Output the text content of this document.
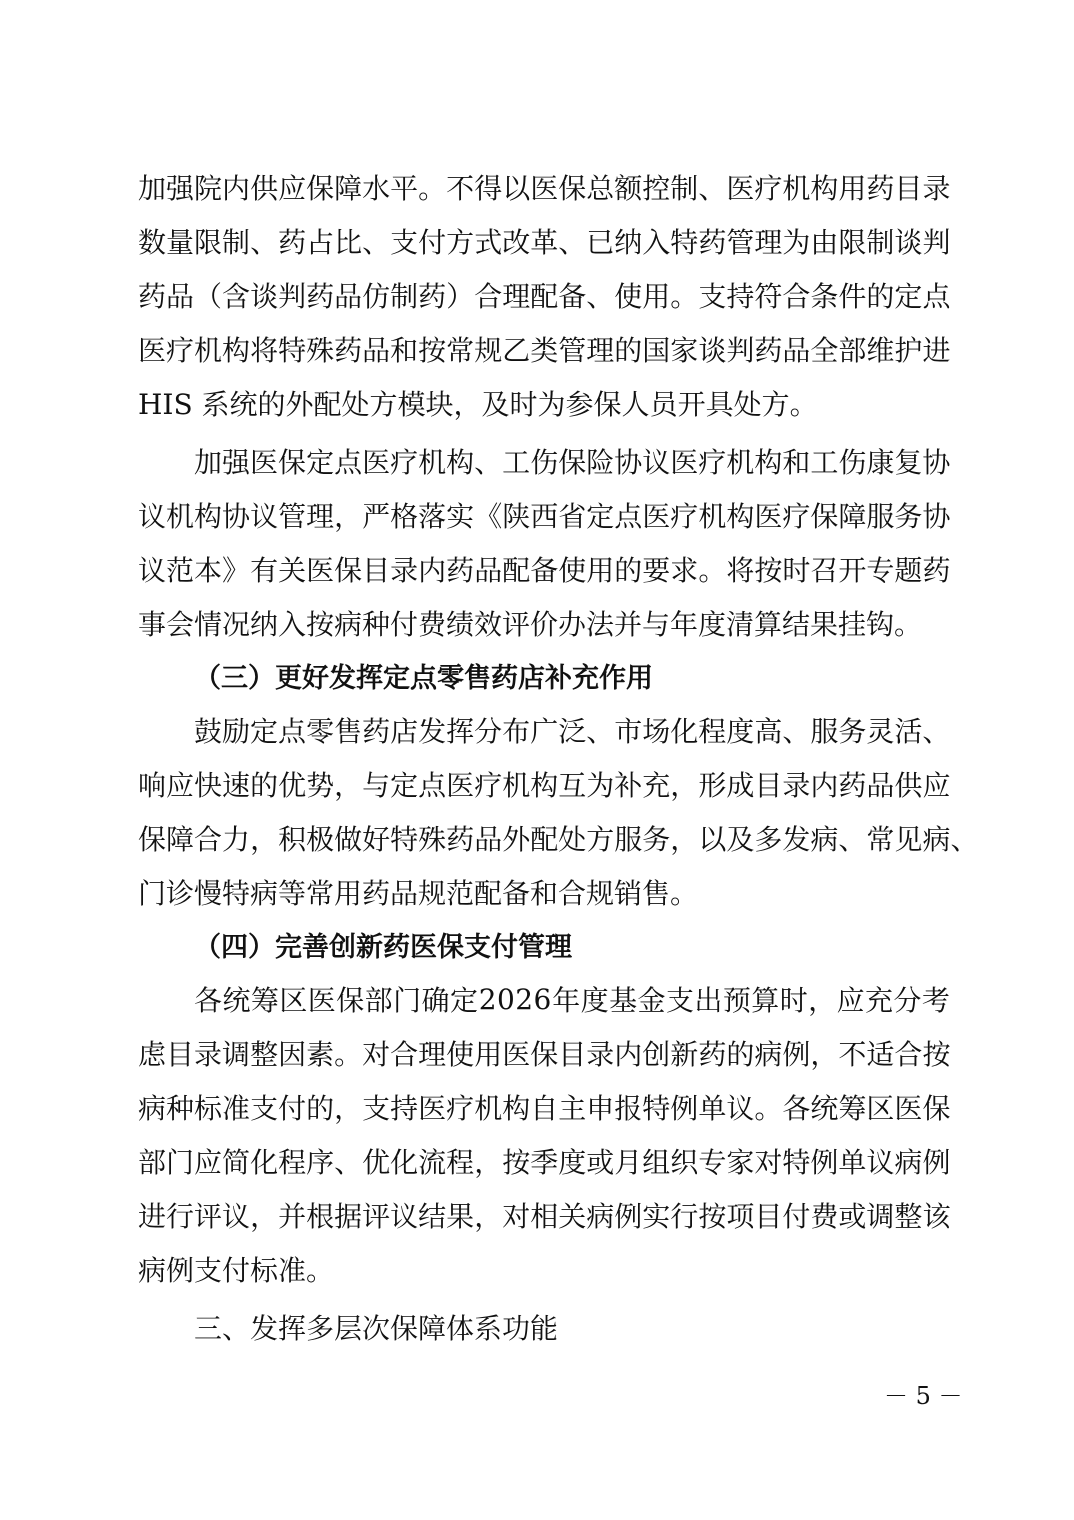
加 强 院 内 供 应 保 障 水 平 。 不 得 以 医 保 总 额 控 制 、 医 疗 机 构 用 药 目 录
数 量 限 制 、 药 占 比 、 支 付 方 式 改 革 、 已 纳 入 特 药 管 理 为 由 限 制 谈 判
药 品 （ 含 谈 判 药 品 仿 制 药 ） 合 理 配 备 、 使 用 。 支 持 符 合 条 件 的 定 点
医 疗 机 构 将 特 殊 药 品 和 按 常 规 乙 类 管 理 的 国 家 谈 判 药 品 全 部 维 护 进
HIS 系统的外配处方模块，及时为参保人员开具处方。
加 强 医 保 定 点 医 疗 机 构 、 工 伤 保 险 协 议 医 疗 机 构 和 工 伤 康 复 协
议 机 构 协 议 管 理 ， 严 格 落 实 《 陕 西 省 定 点 医 疗 机 构 医 疗 保 障 服 务 协
议 范 本 》 有 关 医 保 目 录 内 药 品 配 备 使 用 的 要 求 。 将 按 时 召 开 专 题 药
事会情况纳入按病种付费绩效评价办法并与年度清算结果挂钩。
（三）更好发挥定点零售药店补充作用
鼓 励 定 点 零 售 药 店 发 挥 分 布 广 泛 、 市 场 化 程 度 高 、 服 务 灵 活 、
响 应 快 速 的 优 势 ， 与 定 点 医 疗 机 构 互 为 补 充 ， 形 成 目 录 内 药 品 供 应
保 障 合 力 ， 积 极 做 好 特 殊 药 品 外 配 处 方 服 务 ， 以 及 多 发 病 、 常 见 病 、
门诊慢特病等常用药品规范配备和合规销售。
（四）完善创新药医保支付管理
各 统 筹 区 医 保 部 门 确 定 2 0 2 6 年 度 基 金 支 出 预 算 时 ， 应 充 分 考
虑 目 录 调 整 因 素 。 对 合 理 使 用 医 保 目 录 内 创 新 药 的 病 例 ， 不 适 合 按
病 种 标 准 支 付 的 ， 支 持 医 疗 机 构 自 主 申 报 特 例 单 议 。 各 统 筹 区 医 保
部 门 应 简 化 程 序 、 优 化 流 程 ， 按 季 度 或 月 组 织 专 家 对 特 例 单 议 病 例
进 行 评 议 ， 并 根 据 评 议 结 果 ， 对 相 关 病 例 实 行 按 项 目 付 费 或 调 整 该
病例支付标准。
三、发挥多层次保障体系功能
－ 5 －
